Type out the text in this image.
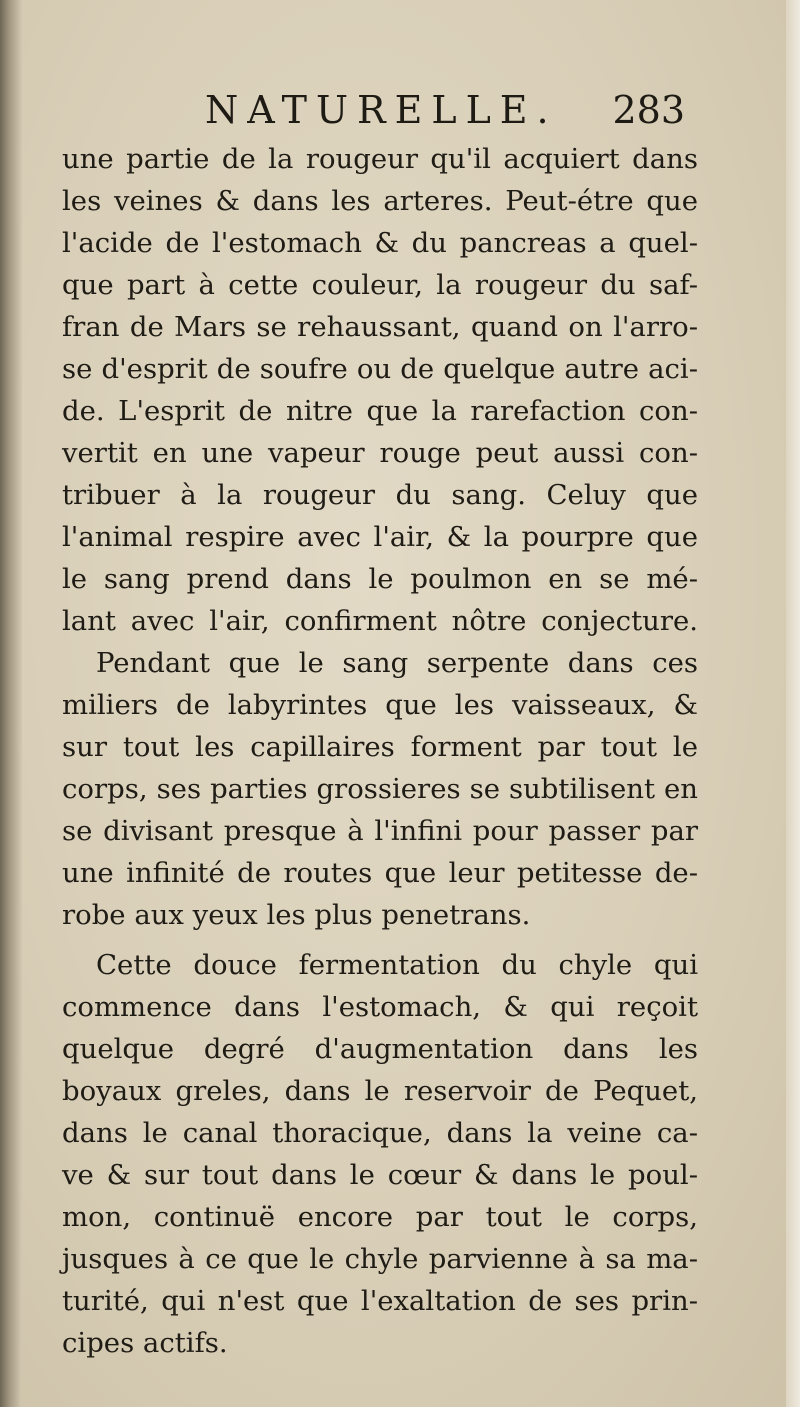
NATURELLE. 283
une partie de la rougeur qu'il acquiert dans
les veines & dans les arteres. Peut-étre que
l'acide de l'estomach & du pancreas a quel-
que part à cette couleur, la rougeur du saf-
fran de Mars se rehaussant, quand on l'arro-
se d'esprit de soufre ou de quelque autre aci-
de. L'esprit de nitre que la rarefaction con-
vertit en une vapeur rouge peut aussi con-
tribuer à la rougeur du sang. Celuy que
l'animal respire avec l'air, & la pourpre que
le sang prend dans le poulmon en se mé-
lant avec l'air, confirment nôtre conjecture.
Pendant que le sang serpente dans ces
miliers de labyrintes que les vaisseaux, &
sur tout les capillaires forment par tout le
corps, ses parties grossieres se subtilisent en
se divisant presque à l'infini pour passer par
une infinité de routes que leur petitesse de-
robe aux yeux les plus penetrans.
Cette douce fermentation du chyle qui
commence dans l'estomach, & qui reçoit
quelque degré d'augmentation dans les
boyaux greles, dans le reservoir de Pequet,
dans le canal thoracique, dans la veine ca-
ve & sur tout dans le cœur & dans le poul-
mon, continuë encore par tout le corps,
jusques à ce que le chyle parvienne à sa ma-
turité, qui n'est que l'exaltation de ses prin-
cipes actifs.
